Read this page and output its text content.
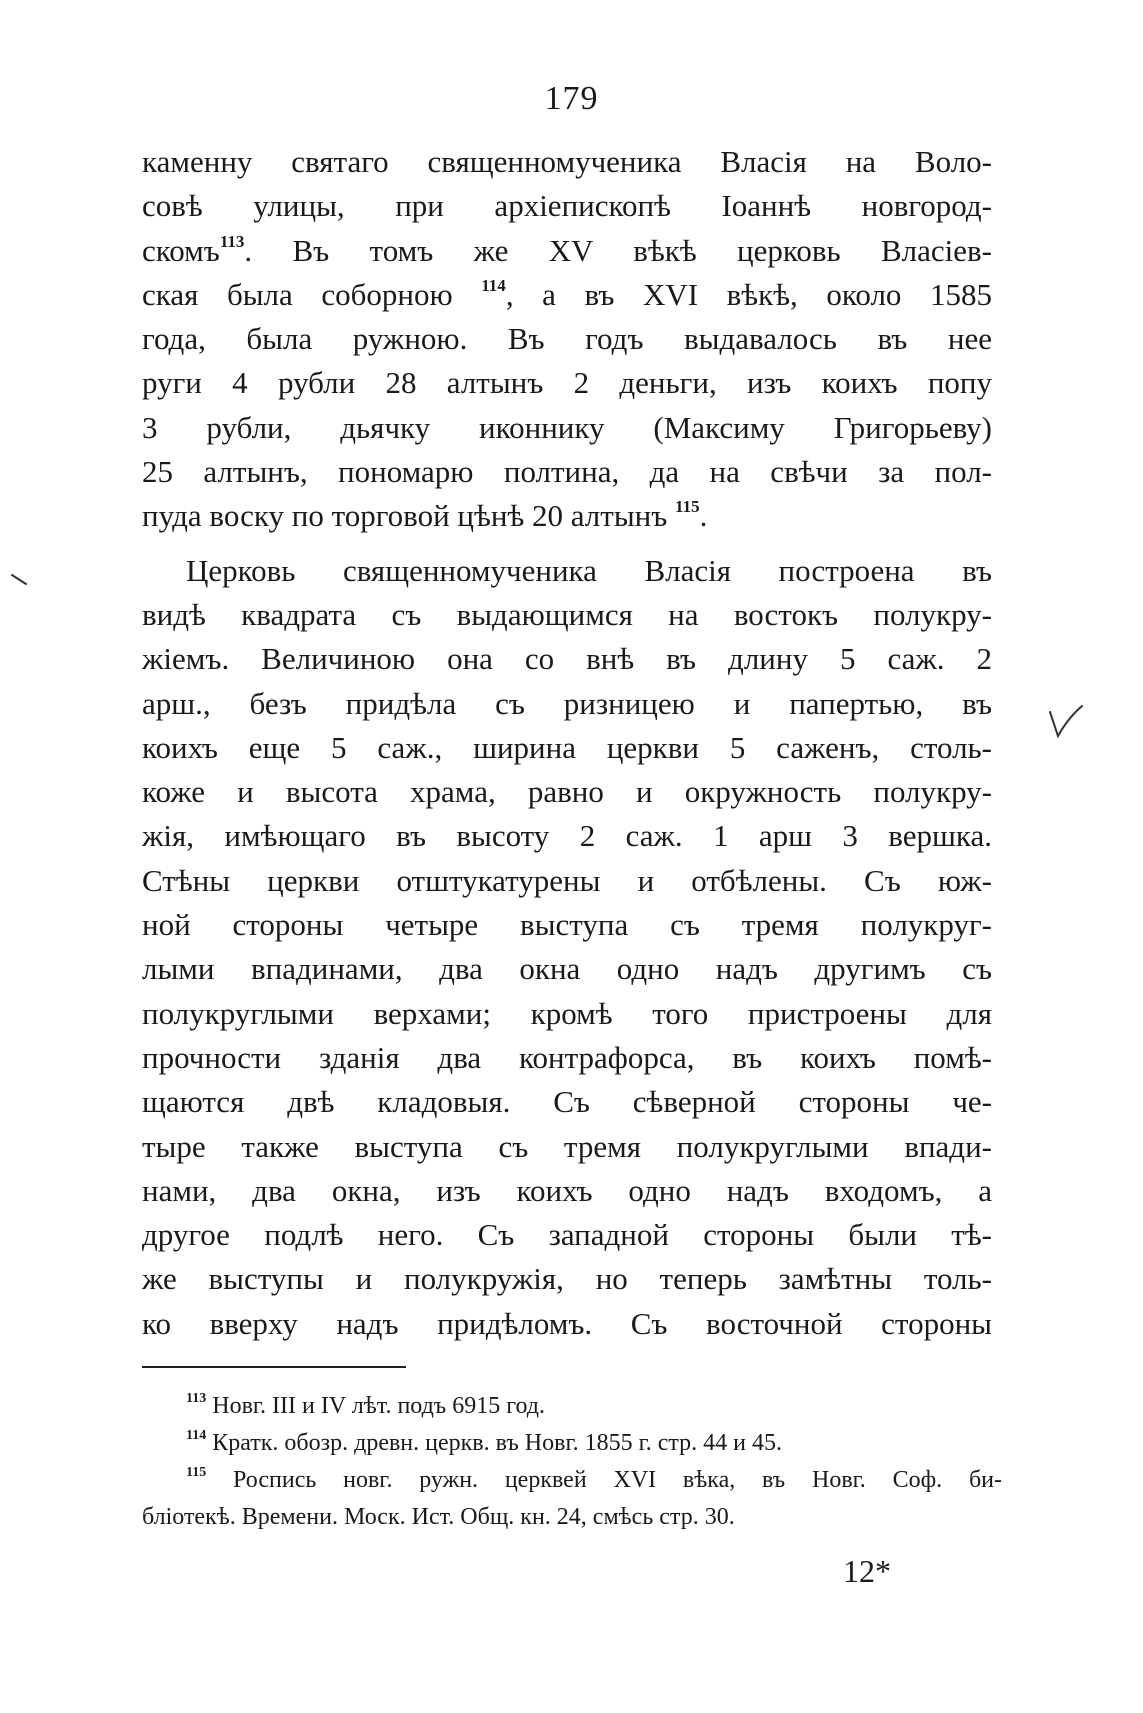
179
каменну святаго священномученика Власія на Воло-
совѣ улицы, при архіепископѣ Іоаннѣ новгород-
скомъ$^{113}$. Въ томъ же XV вѣкѣ церковь Власіев-
ская была соборною $^{114}$, а въ XVI вѣкѣ, около 1585
года, была ружною. Въ годъ выдавалось въ нее
руги 4 рубли 28 алтынъ 2 деньги, изъ коихъ попу
3 рубли, дьячку иконнику (Максиму Григорьеву)
25 алтынъ, пономарю полтина, да на свѣчи за пол-
пуда воску по торговой цѣнѣ 20 алтынъ $^{115}$.
Церковь священномученика Власія построена въ
видѣ квадрата съ выдающимся на востокъ полукру-
жіемъ. Величиною она со внѣ въ длину 5 саж. 2
арш., безъ придѣла съ ризницею и папертью, въ
коихъ еще 5 саж., ширина церкви 5 саженъ, столь-
коже и высота храма, равно и окружность полукру-
жія, имѣющаго въ высоту 2 саж. 1 арш 3 вершка.
Стѣны церкви отштукатурены и отбѣлены. Съ юж-
ной стороны четыре выступа съ тремя полукруг-
лыми впадинами, два окна одно надъ другимъ съ
полукруглыми верхами; кромѣ того пристроены для
прочности зданія два контрафорса, въ коихъ помѣ-
щаются двѣ кладовыя. Съ сѣверной стороны че-
тыре также выступа съ тремя полукруглыми впади-
нами, два окна, изъ коихъ одно надъ входомъ, а
другое подлѣ него. Съ западной стороны были тѣ-
же выступы и полукружія, но теперь замѣтны толь-
ко вверху надъ придѣломъ. Съ восточной стороны
$^{113}$ Новг. III и IV лѣт. подъ 6915 год.
$^{114}$ Кратк. обозр. древн. церкв. въ Новг. 1855 г. стр. 44 и 45.
$^{115}$ Роспись новг. ружн. церквей XVI вѣка, въ Новг. Соф. би-
бліотекѣ. Времени. Моск. Ист. Общ. кн. 24, смѣсь стр. 30.
12*
